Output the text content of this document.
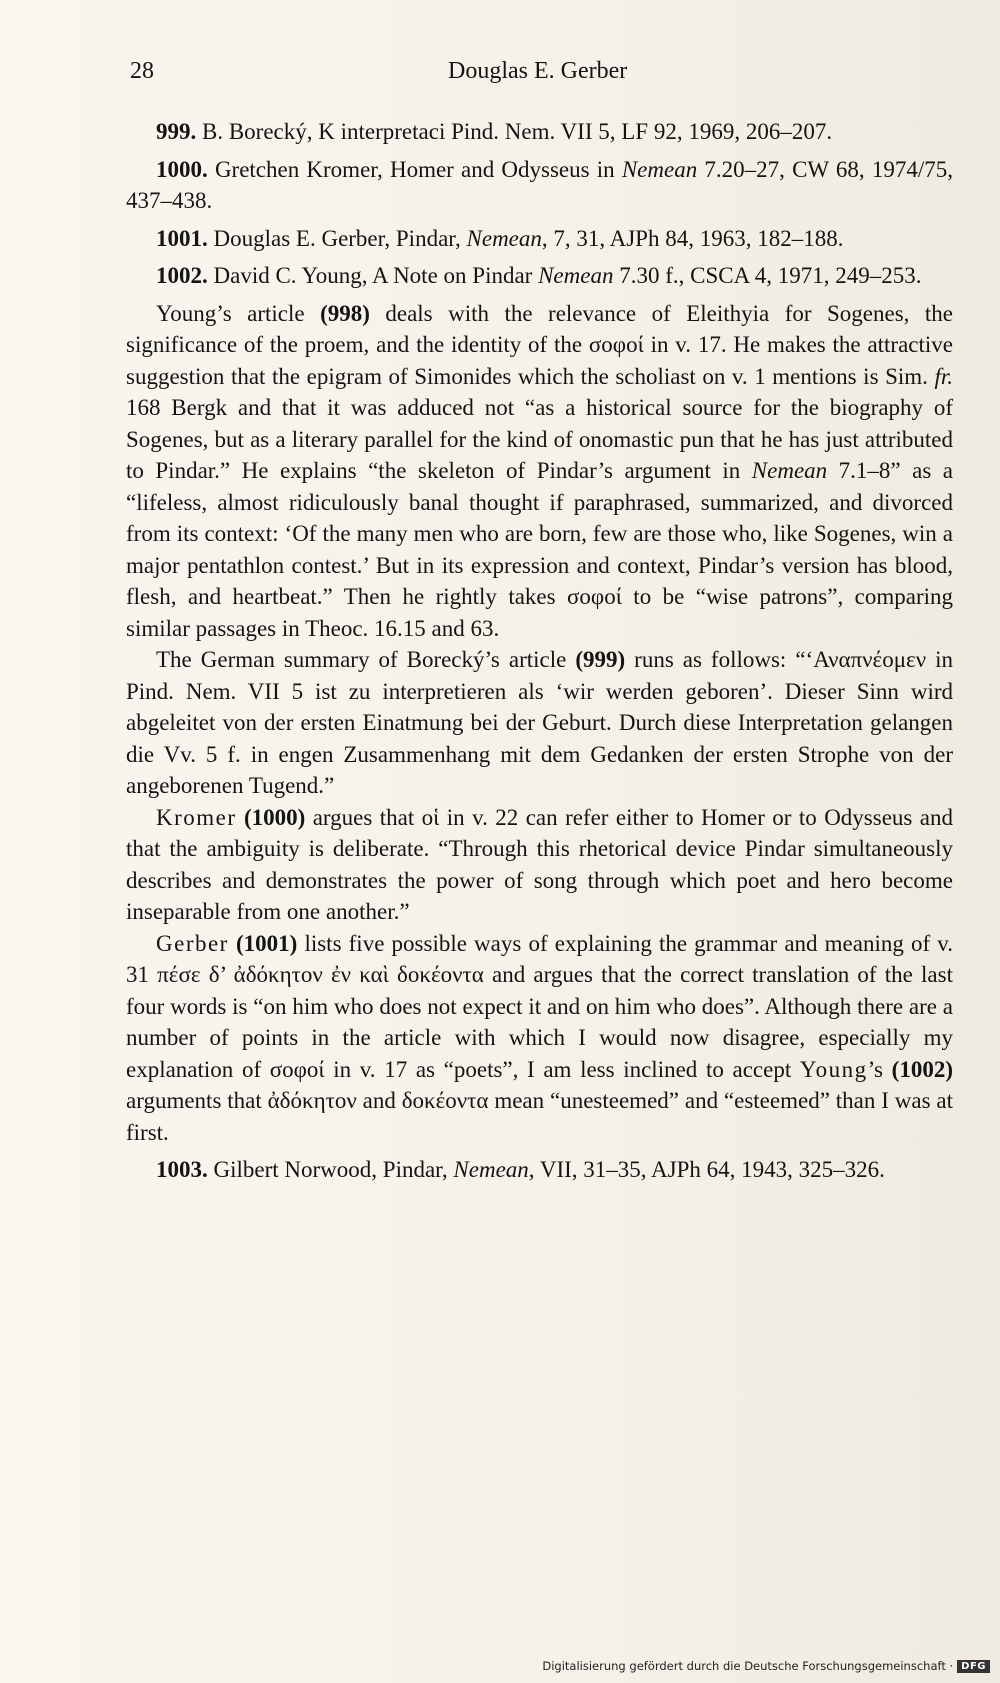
28	Douglas E. Gerber

999. B. Borecký, K interpretaci Pind. Nem. VII 5, LF 92, 1969, 206–207.

1000. Gretchen Kromer, Homer and Odysseus in Nemean 7.20–27, CW 68, 1974/75, 437–438.

1001. Douglas E. Gerber, Pindar, Nemean, 7, 31, AJPh 84, 1963, 182–188.

1002. David C. Young, A Note on Pindar Nemean 7.30 f., CSCA 4, 1971, 249–253.

Young’s article (998) deals with the relevance of Eleithyia for Sogenes, the significance of the proem, and the identity of the σοφοί in v. 17. He makes the attractive suggestion that the epigram of Simonides which the scholiast on v. 1 mentions is Sim. fr. 168 Bergk and that it was adduced not “as a historical source for the biography of Sogenes, but as a literary parallel for the kind of onomastic pun that he has just attributed to Pindar.” He explains “the skeleton of Pindar’s argument in Nemean 7.1–8” as a “lifeless, almost ridiculously banal thought if paraphrased, summarized, and divorced from its context: ‘Of the many men who are born, few are those who, like Sogenes, win a major pentathlon contest.’ But in its expression and context, Pindar’s version has blood, flesh, and heartbeat.” Then he rightly takes σοφοί to be “wise patrons”, comparing similar passages in Theoc. 16.15 and 63.

The German summary of Borecký’s article (999) runs as follows: “‘Αναπνέομεν in Pind. Nem. VII 5 ist zu interpretieren als ‘wir werden geboren’. Dieser Sinn wird abgeleitet von der ersten Einatmung bei der Geburt. Durch diese Interpretation gelangen die Vv. 5 f. in engen Zusammenhang mit dem Gedanken der ersten Strophe von der angeborenen Tugend.”

Kromer (1000) argues that οἱ in v. 22 can refer either to Homer or to Odysseus and that the ambiguity is deliberate. “Through this rhetorical device Pindar simultaneously describes and demonstrates the power of song through which poet and hero become inseparable from one another.”

Gerber (1001) lists five possible ways of explaining the grammar and meaning of v. 31 πέσε δ’ ἀδόκητον ἐν καὶ δοκέοντα and argues that the correct translation of the last four words is “on him who does not expect it and on him who does”. Although there are a number of points in the article with which I would now disagree, especially my explanation of σοφοί in v. 17 as “poets”, I am less inclined to accept Young’s (1002) arguments that ἀδόκητον and δοκέοντα mean “unesteemed” and “esteemed” than I was at first.

1003. Gilbert Norwood, Pindar, Nemean, VII, 31–35, AJPh 64, 1943, 325–326.

Digitalisierung gefördert durch die Deutsche Forschungsgemeinschaft · DFG
